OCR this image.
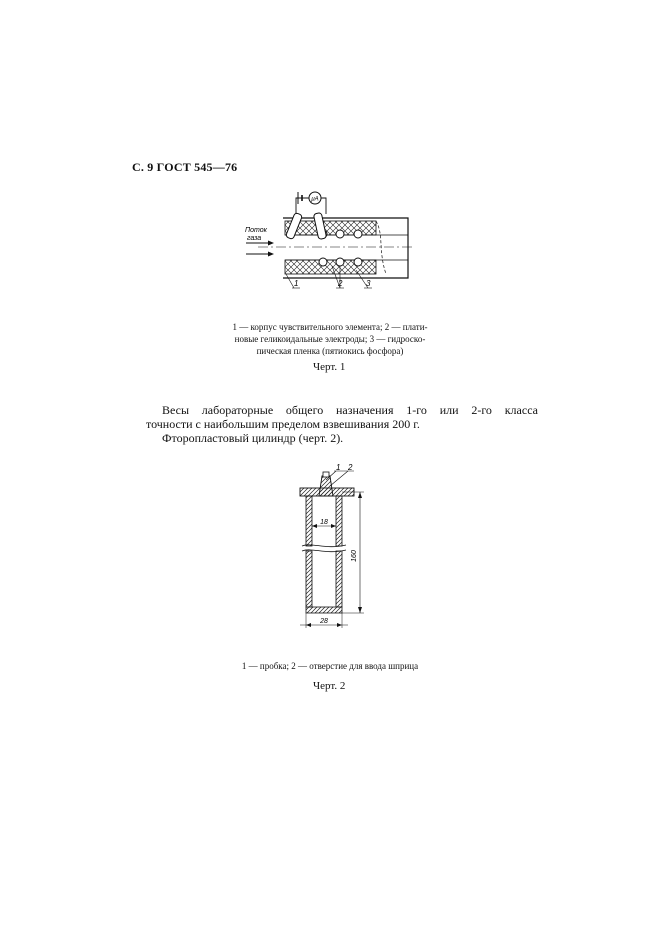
С. 9 ГОСТ 545—76
μA
Поток
газа
1	2	3
1 — корпус чувствительного элемента; 2 — плати-
новые геликоидальные электроды; 3 — гидроско-
пическая пленка (пятиокись фосфора)
Черт. 1

Весы лабораторные общего назначения 1-го или 2-го класса

точности с наибольшим пределом взвешивания 200 г.

Фторопластовый цилиндр (черт. 2).

18
160
28
1 2
1 — пробка; 2 — отверстие для ввода шприца
Черт. 2
